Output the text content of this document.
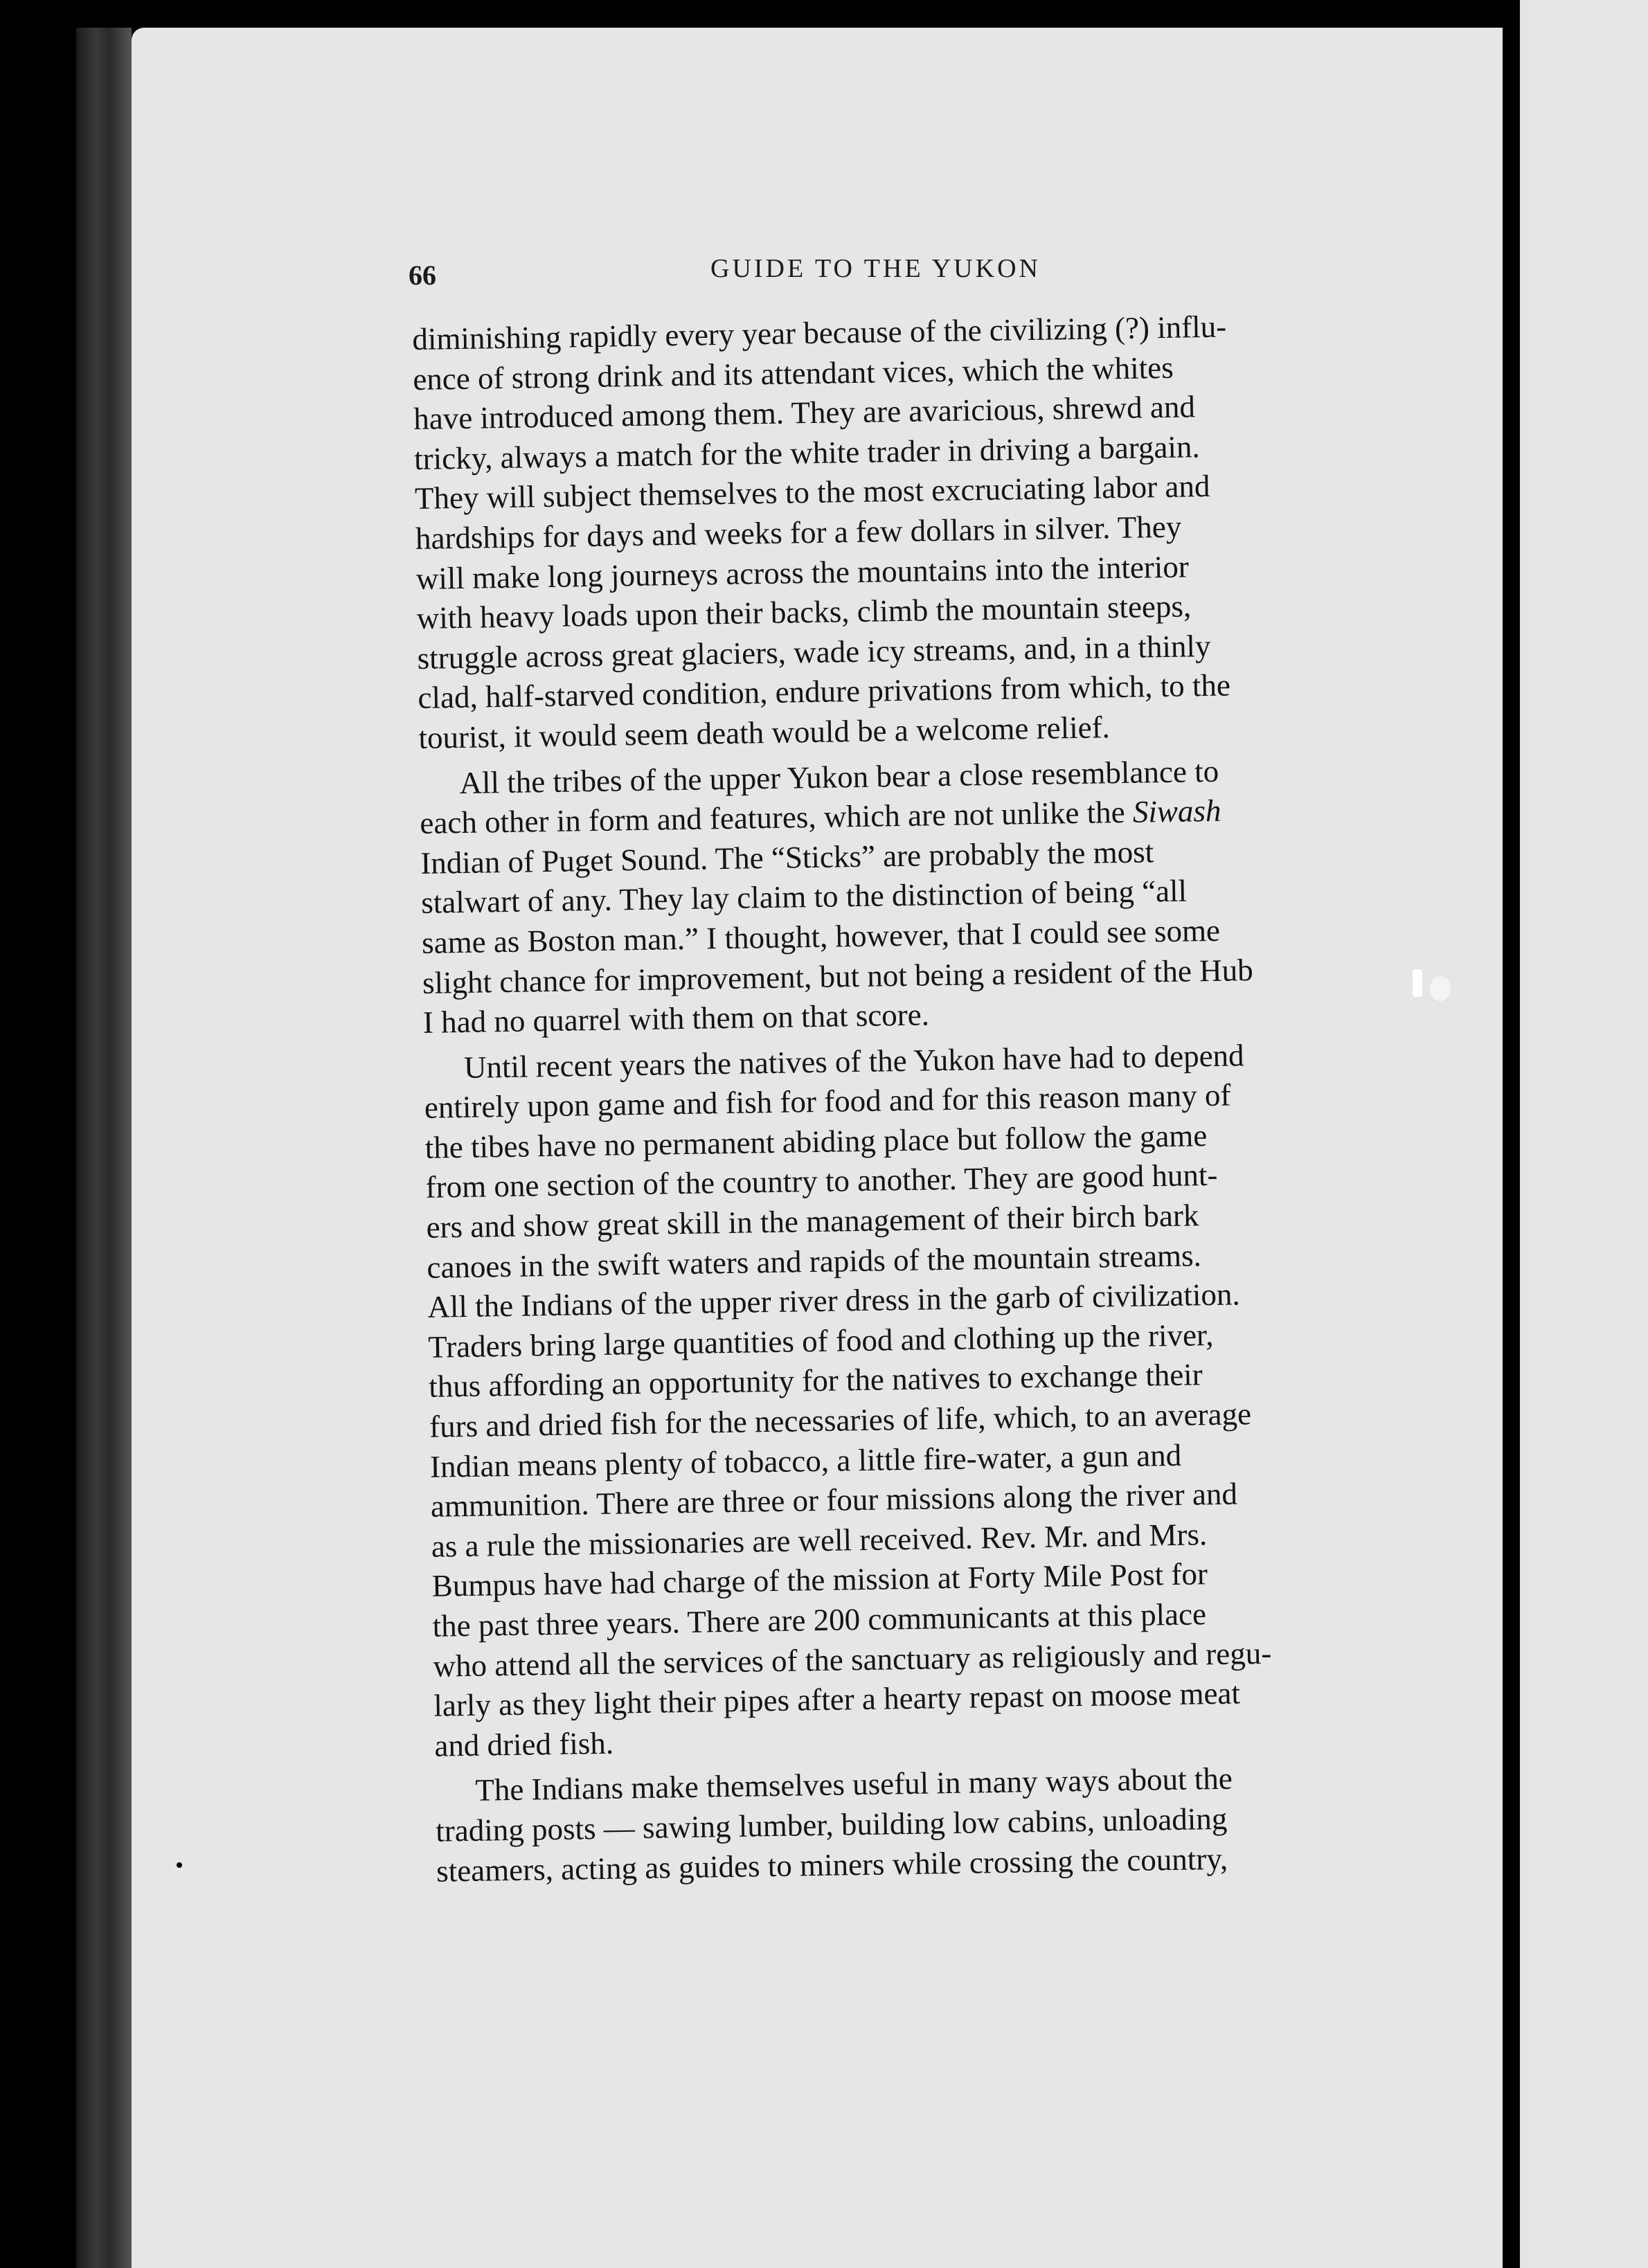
66	GUIDE TO THE YUKON
diminishing rapidly every year because of the civilizing (?) influ-
ence of strong drink and its attendant vices, which the whites
have introduced among them. They are avaricious, shrewd and
tricky, always a match for the white trader in driving a bargain.
They will subject themselves to the most excruciating labor and
hardships for days and weeks for a few dollars in silver. They
will make long journeys across the mountains into the interior
with heavy loads upon their backs, climb the mountain steeps,
struggle across great glaciers, wade icy streams, and, in a thinly
clad, half-starved condition, endure privations from which, to the
tourist, it would seem death would be a welcome relief.
All the tribes of the upper Yukon bear a close resemblance to
each other in form and features, which are not unlike the Siwash
Indian of Puget Sound. The “Sticks” are probably the most
stalwart of any. They lay claim to the distinction of being “all
same as Boston man.” I thought, however, that I could see some
slight chance for improvement, but not being a resident of the Hub
I had no quarrel with them on that score.
Until recent years the natives of the Yukon have had to depend
entirely upon game and fish for food and for this reason many of
the tibes have no permanent abiding place but follow the game
from one section of the country to another. They are good hunt-
ers and show great skill in the management of their birch bark
canoes in the swift waters and rapids of the mountain streams.
All the Indians of the upper river dress in the garb of civilization.
Traders bring large quantities of food and clothing up the river,
thus affording an opportunity for the natives to exchange their
furs and dried fish for the necessaries of life, which, to an average
Indian means plenty of tobacco, a little fire-water, a gun and
ammunition. There are three or four missions along the river and
as a rule the missionaries are well received. Rev. Mr. and Mrs.
Bumpus have had charge of the mission at Forty Mile Post for
the past three years. There are 200 communicants at this place
who attend all the services of the sanctuary as religiously and regu-
larly as they light their pipes after a hearty repast on moose meat
and dried fish.
The Indians make themselves useful in many ways about the
trading posts — sawing lumber, building low cabins, unloading
steamers, acting as guides to miners while crossing the country,
